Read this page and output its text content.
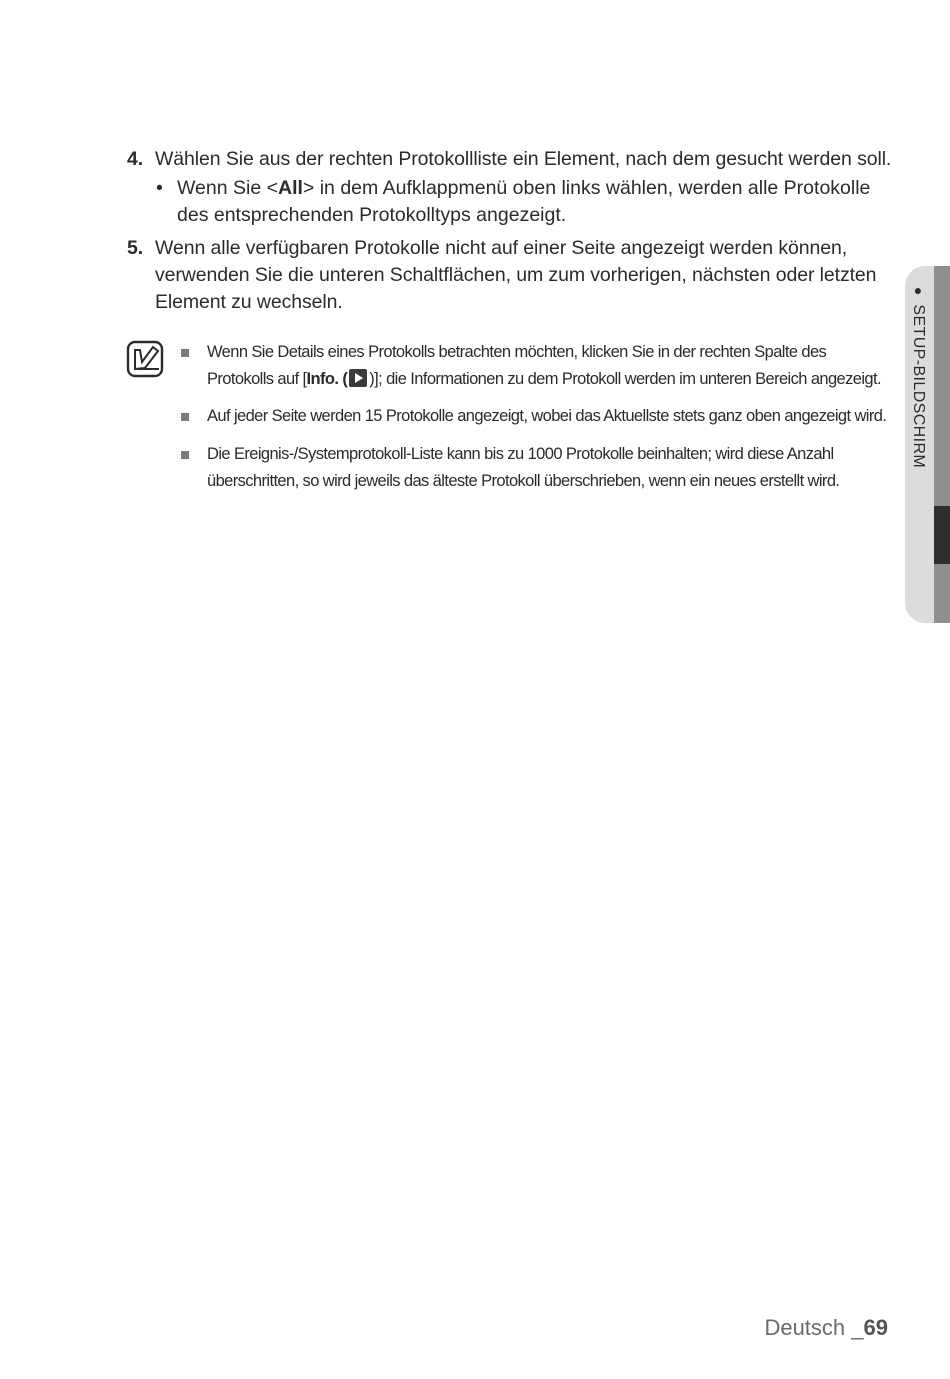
4. Wählen Sie aus der rechten Protokollliste ein Element, nach dem gesucht werden soll.
• Wenn Sie <All> in dem Aufklappmenü oben links wählen, werden alle Protokolle des entsprechenden Protokolltyps angezeigt.
5. Wenn alle verfügbaren Protokolle nicht auf einer Seite angezeigt werden können, verwenden Sie die unteren Schaltflächen, um zum vorherigen, nächsten oder letzten Element zu wechseln.
Wenn Sie Details eines Protokolls betrachten möchten, klicken Sie in der rechten Spalte des Protokolls auf [Info. ( )]; die Informationen zu dem Protokoll werden im unteren Bereich angezeigt.
Auf jeder Seite werden 15 Protokolle angezeigt, wobei das Aktuellste stets ganz oben angezeigt wird.
Die Ereignis-/Systemprotokoll-Liste kann bis zu 1000 Protokolle beinhalten; wird diese Anzahl überschritten, so wird jeweils das älteste Protokoll überschrieben, wenn ein neues erstellt wird.
●SETUP-BILDSCHIRM
Deutsch _69
